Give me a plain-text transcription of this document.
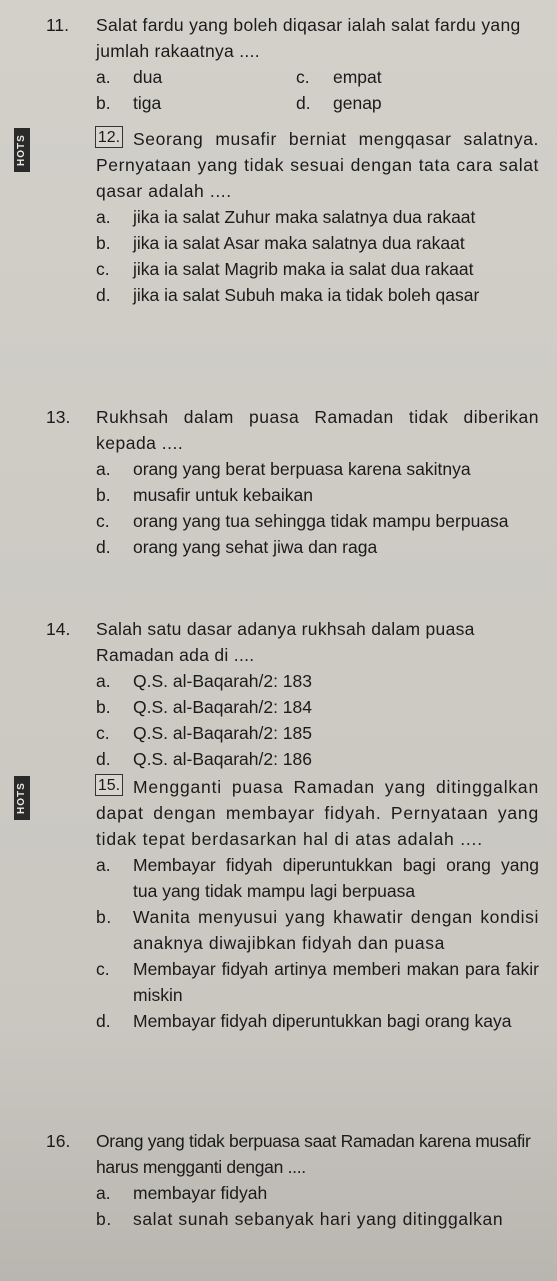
11. Salat fardu yang boleh diqasar ialah salat fardu yang jumlah rakaatnya ....
a. dua	c. empat
b. tiga	d. genap
HOTS	12. Seorang musafir berniat mengqasar salatnya. Pernyataan yang tidak sesuai dengan tata cara salat qasar adalah ....
a. jika ia salat Zuhur maka salatnya dua rakaat
b. jika ia salat Asar maka salatnya dua rakaat
c. jika ia salat Magrib maka ia salat dua rakaat
d. jika ia salat Subuh maka ia tidak boleh qasar
13. Rukhsah dalam puasa Ramadan tidak diberikan kepada ....
a. orang yang berat berpuasa karena sakitnya
b. musafir untuk kebaikan
c. orang yang tua sehingga tidak mampu berpuasa
d. orang yang sehat jiwa dan raga
14. Salah satu dasar adanya rukhsah dalam puasa Ramadan ada di ....
a. Q.S. al-Baqarah/2: 183
b. Q.S. al-Baqarah/2: 184
c. Q.S. al-Baqarah/2: 185
d. Q.S. al-Baqarah/2: 186
HOTS	15. Mengganti puasa Ramadan yang ditinggalkan dapat dengan membayar fidyah. Pernyataan yang tidak tepat berdasarkan hal di atas adalah ....
a. Membayar fidyah diperuntukkan bagi orang yang tua yang tidak mampu lagi berpuasa
b. Wanita menyusui yang khawatir dengan kondisi anaknya diwajibkan fidyah dan puasa
c. Membayar fidyah artinya memberi makan para fakir miskin
d. Membayar fidyah diperuntukkan bagi orang kaya
16. Orang yang tidak berpuasa saat Ramadan karena musafir harus mengganti dengan ....
a. membayar fidyah
b. salat sunah sebanyak hari yang ditinggalkan
